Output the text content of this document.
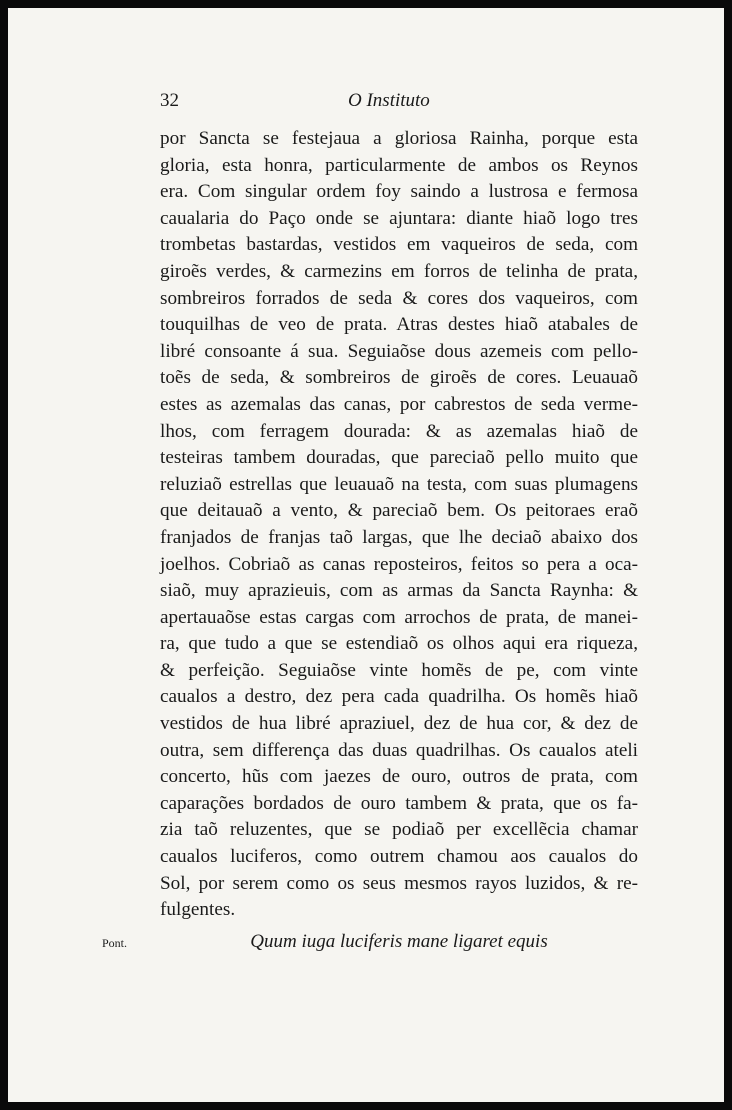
32	O Instituto
por Sancta se festejaua a gloriosa Rainha, porque esta
gloria, esta honra, particularmente de ambos os Reynos
era. Com singular ordem foy saindo a lustrosa e fermosa
caualaria do Paço onde se ajuntara: diante hiaõ logo tres
trombetas bastardas, vestidos em vaqueiros de seda, com
giroẽs verdes, & carmezins em forros de telinha de prata,
sombreiros forrados de seda & cores dos vaqueiros, com
touquilhas de veo de prata. Atras destes hiaõ atabales de
libré consoante á sua. Seguiaõse dous azemeis com pello-
toẽs de seda, & sombreiros de giroẽs de cores. Leuauaõ
estes as azemalas das canas, por cabrestos de seda verme-
lhos, com ferragem dourada: & as azemalas hiaõ de
testeiras tambem douradas, que pareciaõ pello muito que
reluziaõ estrellas que leuauaõ na testa, com suas plumagens
que deitauaõ a vento, & pareciaõ bem. Os peitoraes eraõ
franjados de franjas taõ largas, que lhe deciaõ abaixo dos
joelhos. Cobriaõ as canas reposteiros, feitos so pera a oca-
siaõ, muy aprazieuis, com as armas da Sancta Raynha: &
apertauaõse estas cargas com arrochos de prata, de manei-
ra, que tudo a que se estendiaõ os olhos aqui era riqueza,
& perfeição. Seguiaõse vinte homẽs de pe, com vinte
caualos a destro, dez pera cada quadrilha. Os homẽs hiaõ
vestidos de hua libré apraziuel, dez de hua cor, & dez de
outra, sem differença das duas quadrilhas. Os caualos ateli
concerto, hũs com jaezes de ouro, outros de prata, com
caparações bordados de ouro tambem & prata, que os fa-
zia taõ reluzentes, que se podiaõ per excellẽcia chamar
caualos luciferos, como outrem chamou aos caualos do
Sol, por serem como os seus mesmos rayos luzidos, & re-
fulgentes.
Pont.	Quum iuga luciferis mane ligaret equis
